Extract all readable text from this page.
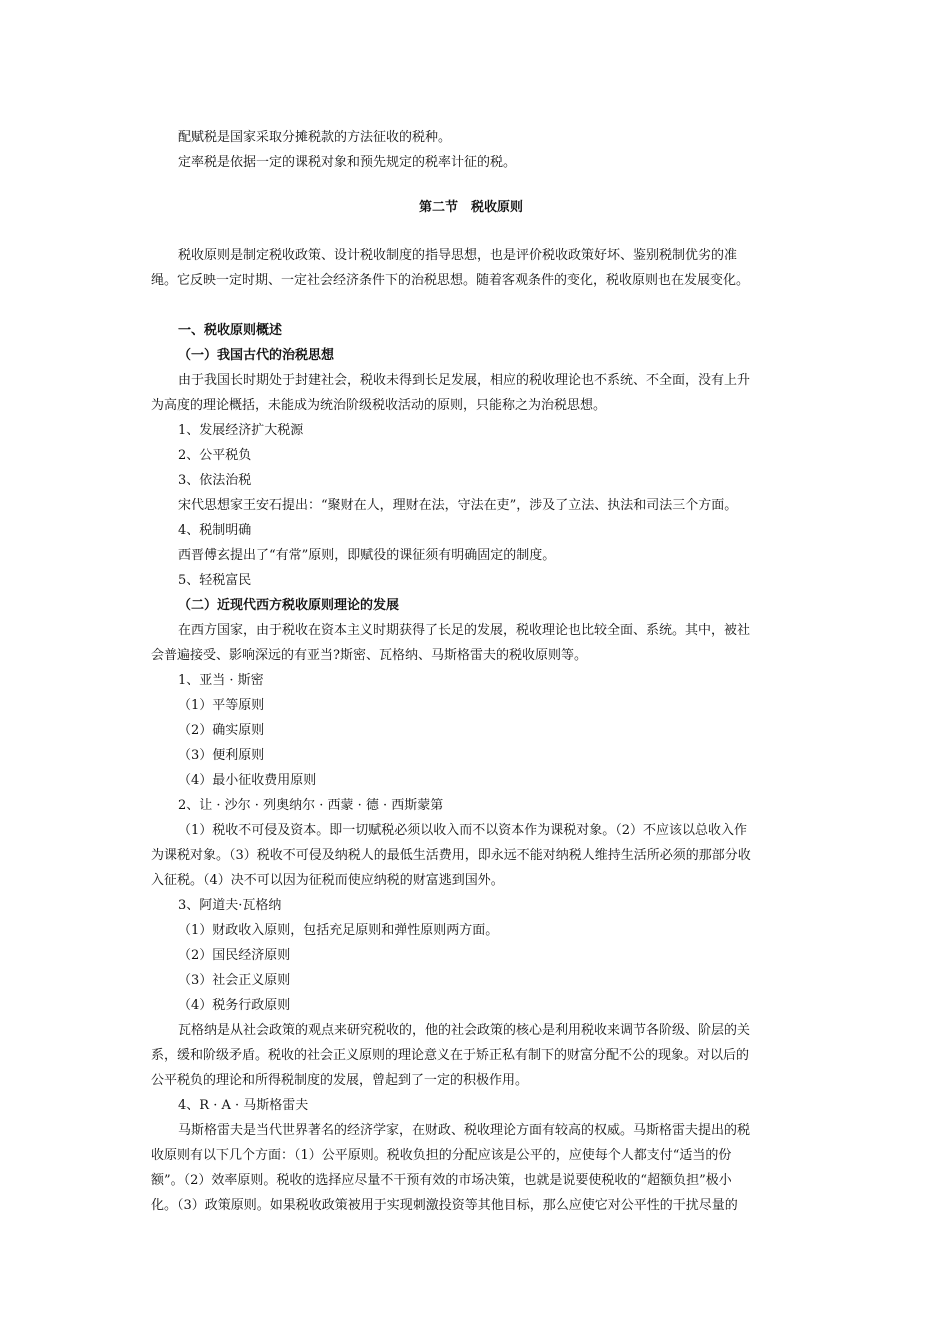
配赋税是国家采取分摊税款的方法征收的税种。
定率税是依据一定的课税对象和预先规定的税率计征的税。
第二节　税收原则
税收原则是制定税收政策、设计税收制度的指导思想，也是评价税收政策好坏、鉴别税制优劣的准
绳。它反映一定时期、一定社会经济条件下的治税思想。随着客观条件的变化，税收原则也在发展变化。
一、税收原则概述
（一）我国古代的治税思想
由于我国长时期处于封建社会，税收未得到长足发展，相应的税收理论也不系统、不全面，没有上升
为高度的理论概括，未能成为统治阶级税收活动的原则，只能称之为治税思想。
1、发展经济扩大税源
2、公平税负
3、依法治税
宋代思想家王安石提出：“聚财在人，理财在法，守法在吏”，涉及了立法、执法和司法三个方面。
4、税制明确
西晋傅玄提出了“有常”原则，即赋役的课征须有明确固定的制度。
5、轻税富民
（二）近现代西方税收原则理论的发展
在西方国家，由于税收在资本主义时期获得了长足的发展，税收理论也比较全面、系统。其中，被社
会普遍接受、影响深远的有亚当?斯密、瓦格纳、马斯格雷夫的税收原则等。
1、亚当 · 斯密
（1）平等原则
（2）确实原则
（3）便利原则
（4）最小征收费用原则
2、让 · 沙尔 · 列奥纳尔 · 西蒙 · 德 · 西斯蒙第
（1）税收不可侵及资本。即一切赋税必须以收入而不以资本作为课税对象。（2）不应该以总收入作
为课税对象。（3）税收不可侵及纳税人的最低生活费用，即永远不能对纳税人维持生活所必须的那部分收
入征税。（4）决不可以因为征税而使应纳税的财富逃到国外。
3、阿道夫·瓦格纳
（1）财政收入原则，包括充足原则和弹性原则两方面。
（2）国民经济原则
（3）社会正义原则
（4）税务行政原则
瓦格纳是从社会政策的观点来研究税收的，他的社会政策的核心是利用税收来调节各阶级、阶层的关
系，缓和阶级矛盾。税收的社会正义原则的理论意义在于矫正私有制下的财富分配不公的现象。对以后的
公平税负的理论和所得税制度的发展，曾起到了一定的积极作用。
4、R · A · 马斯格雷夫
马斯格雷夫是当代世界著名的经济学家，在财政、税收理论方面有较高的权威。马斯格雷夫提出的税
收原则有以下几个方面：（1）公平原则。税收负担的分配应该是公平的，应使每个人都支付“适当的份
额”。（2）效率原则。税收的选择应尽量不干预有效的市场决策，也就是说要使税收的“超额负担”极小
化。（3）政策原则。如果税收政策被用于实现刺激投资等其他目标，那么应使它对公平性的干扰尽量的
